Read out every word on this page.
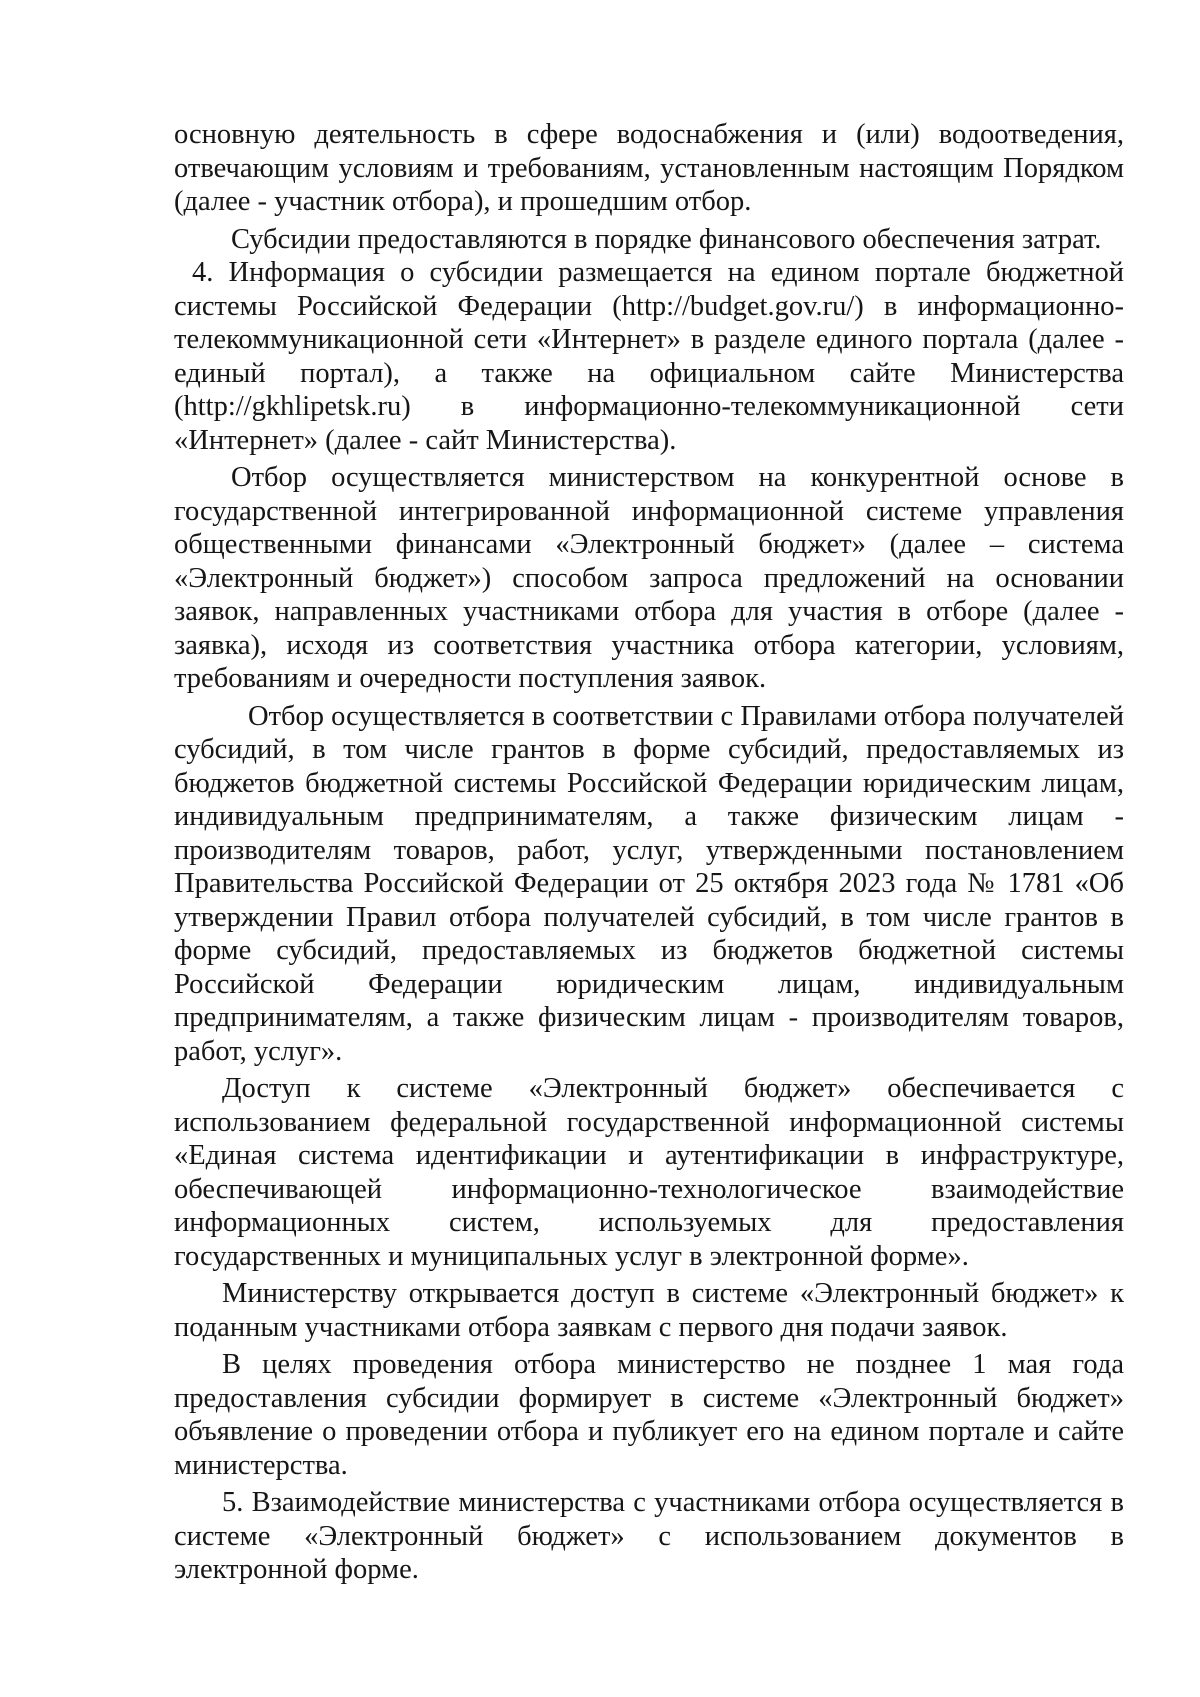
основную деятельность в сфере водоснабжения и (или) водоотведения, отвечающим условиям и требованиям, установленным настоящим Порядком (далее - участник отбора), и прошедшим отбор.

Субсидии предоставляются в порядке финансового обеспечения затрат.

4. Информация о субсидии размещается на едином портале бюджетной системы Российской Федерации (http://budget.gov.ru/) в информационно-телекоммуникационной сети «Интернет» в разделе единого портала (далее - единый портал), а также на официальном сайте Министерства (http://gkhlipetsk.ru) в информационно-телекоммуникационной сети «Интернет» (далее - сайт Министерства).

Отбор осуществляется министерством на конкурентной основе в государственной интегрированной информационной системе управления общественными финансами «Электронный бюджет» (далее – система «Электронный бюджет») способом запроса предложений на основании заявок, направленных участниками отбора для участия в отборе (далее - заявка), исходя из соответствия участника отбора категории, условиям, требованиям и очередности поступления заявок.

Отбор осуществляется в соответствии с Правилами отбора получателей субсидий, в том числе грантов в форме субсидий, предоставляемых из бюджетов бюджетной системы Российской Федерации юридическим лицам, индивидуальным предпринимателям, а также физическим лицам - производителям товаров, работ, услуг, утвержденными постановлением Правительства Российской Федерации от 25 октября 2023 года № 1781 «Об утверждении Правил отбора получателей субсидий, в том числе грантов в форме субсидий, предоставляемых из бюджетов бюджетной системы Российской Федерации юридическим лицам, индивидуальным предпринимателям, а также физическим лицам - производителям товаров, работ, услуг».

Доступ к системе «Электронный бюджет» обеспечивается с использованием федеральной государственной информационной системы «Единая система идентификации и аутентификации в инфраструктуре, обеспечивающей информационно-технологическое взаимодействие информационных систем, используемых для предоставления государственных и муниципальных услуг в электронной форме».

Министерству открывается доступ в системе «Электронный бюджет» к поданным участниками отбора заявкам с первого дня подачи заявок.

В целях проведения отбора министерство не позднее 1 мая года предоставления субсидии формирует в системе «Электронный бюджет» объявление о проведении отбора и публикует его на едином портале и сайте министерства.

5. Взаимодействие министерства с участниками отбора осуществляется в системе «Электронный бюджет» с использованием документов в электронной форме.
